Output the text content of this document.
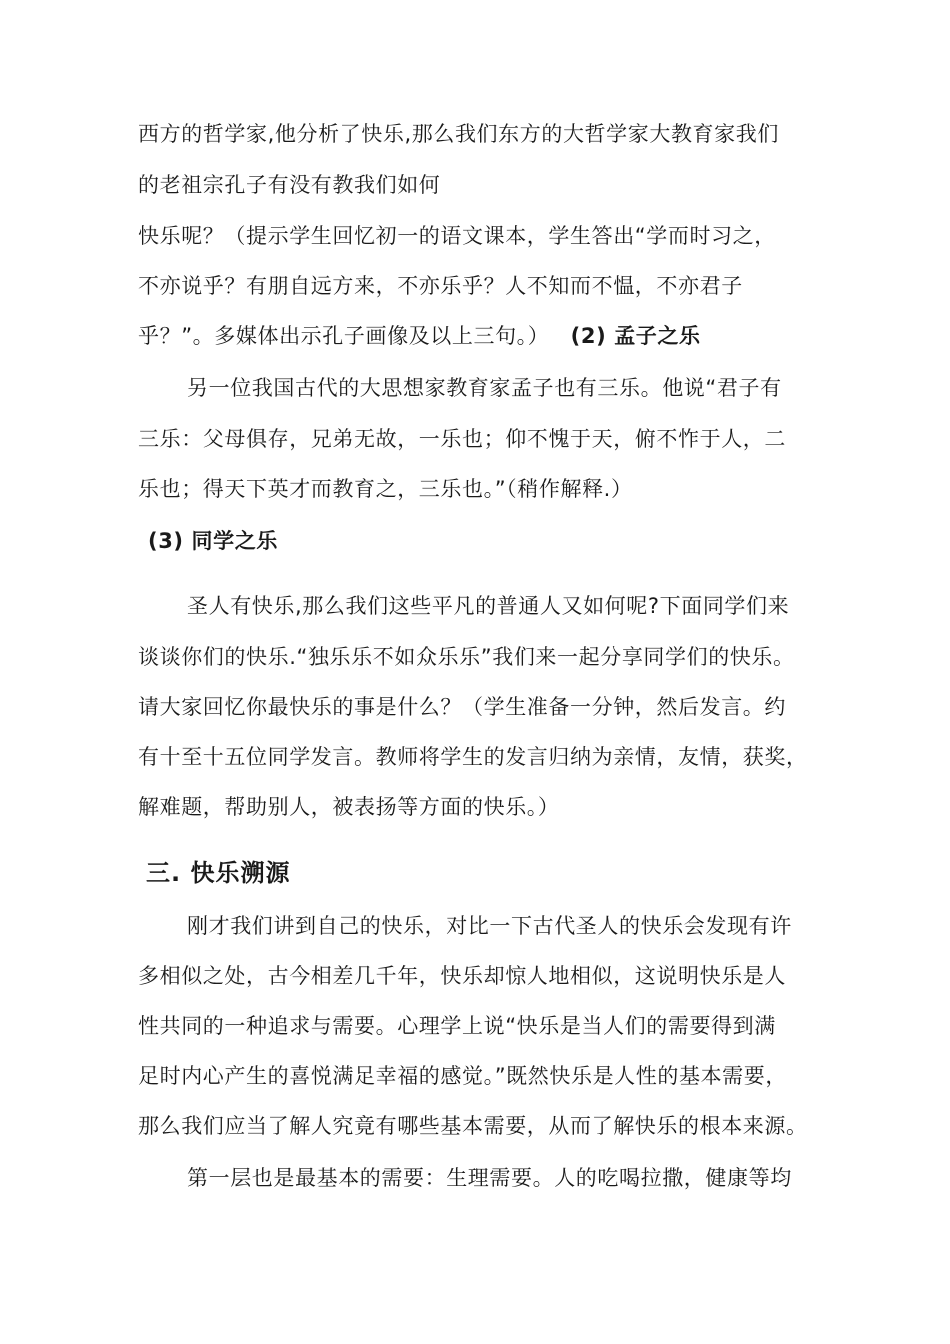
西方的哲学家,他分析了快乐,那么我们东方的大哲学家大教育家我们
的老祖宗孔子有没有教我们如何
快乐呢？（提示学生回忆初一的语文课本，学生答出“学而时习之，
不亦说乎？有朋自远方来，不亦乐乎？人不知而不愠，不亦君子
乎？”。多媒体出示孔子画像及以上三句。） (2) 孟子之乐
另一位我国古代的大思想家教育家孟子也有三乐。他说“君子有
三乐：父母俱存，兄弟无故，一乐也；仰不愧于天，俯不怍于人，二
乐也；得天下英才而教育之，三乐也。”（稍作解释.）
(3) 同学之乐
圣人有快乐,那么我们这些平凡的普通人又如何呢?下面同学们来
谈谈你们的快乐.“独乐乐不如众乐乐”我们来一起分享同学们的快乐。
请大家回忆你最快乐的事是什么？（学生准备一分钟，然后发言。约
有十至十五位同学发言。教师将学生的发言归纳为亲情，友情，获奖，
解难题，帮助别人，被表扬等方面的快乐。）
三. 快乐溯源
刚才我们讲到自己的快乐，对比一下古代圣人的快乐会发现有许
多相似之处，古今相差几千年，快乐却惊人地相似，这说明快乐是人
性共同的一种追求与需要。心理学上说“快乐是当人们的需要得到满
足时内心产生的喜悦满足幸福的感觉。”既然快乐是人性的基本需要，
那么我们应当了解人究竟有哪些基本需要，从而了解快乐的根本来源。
第一层也是最基本的需要：生理需要。人的吃喝拉撒，健康等均
